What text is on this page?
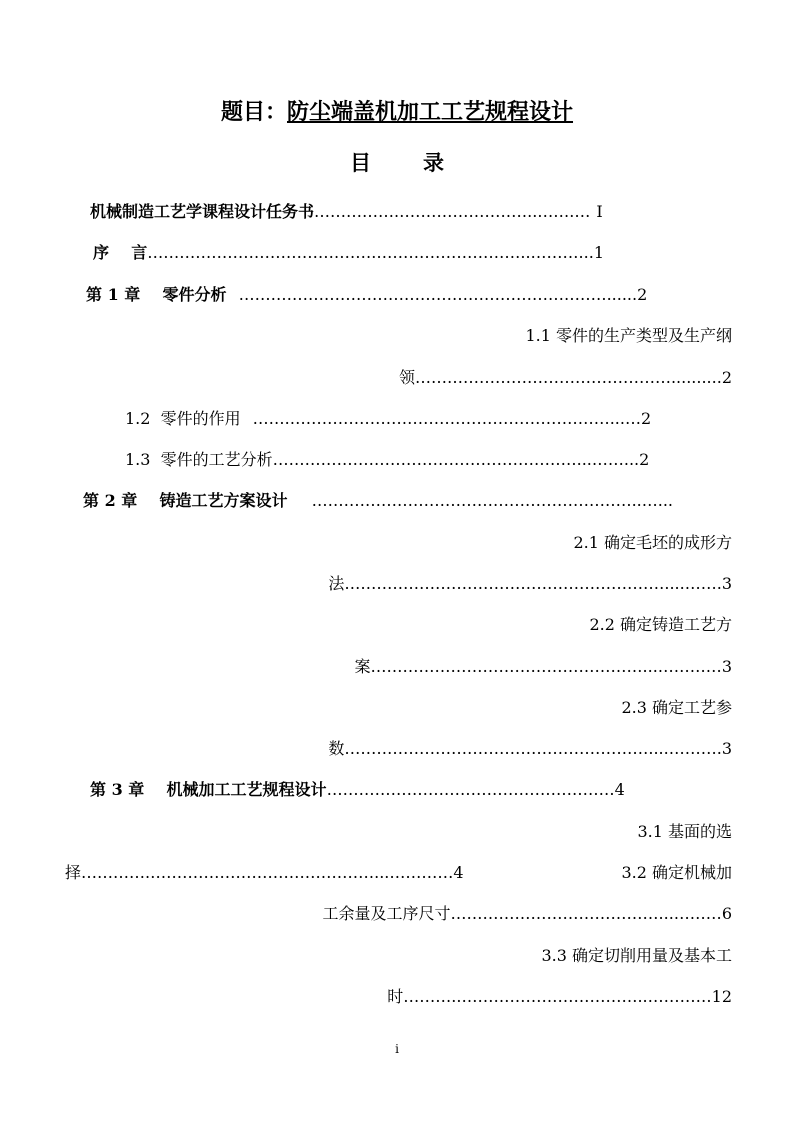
题目：防尘端盖机加工工艺规程设计
目录
机械制造工艺学课程设计任务书…………….……………………..…….… Ⅰ
序    言…………………………………….………………………..………...1
第 1 章    零件分析 ……………………………………………………………......2
1.1 零件的生产类型及生产纲
领…………………………………………..........2
1.2  零件的作用 …….……………………………………………………...…2
1.3  零件的工艺分析…………………………………………………...……...2
第 2 章    铸造工艺方案设计 ……………………………………………………..…...
2.1 确定毛坯的成形方
法……………………………………………………....…….3
2.2 确定铸造工艺方
案……………………………………………...…………3
2.3 确定工艺参
数…………………………………………………....……….3
第 3 章    机械加工工艺规程设计………………………………………………4
3.1 基面的选
择………….……………………………………...…………4	3.2 确定机械加
工余量及工序尺寸…………………………………...………6
3.3 确定切削用量及基本工
时………..……………………………..…………12
i
